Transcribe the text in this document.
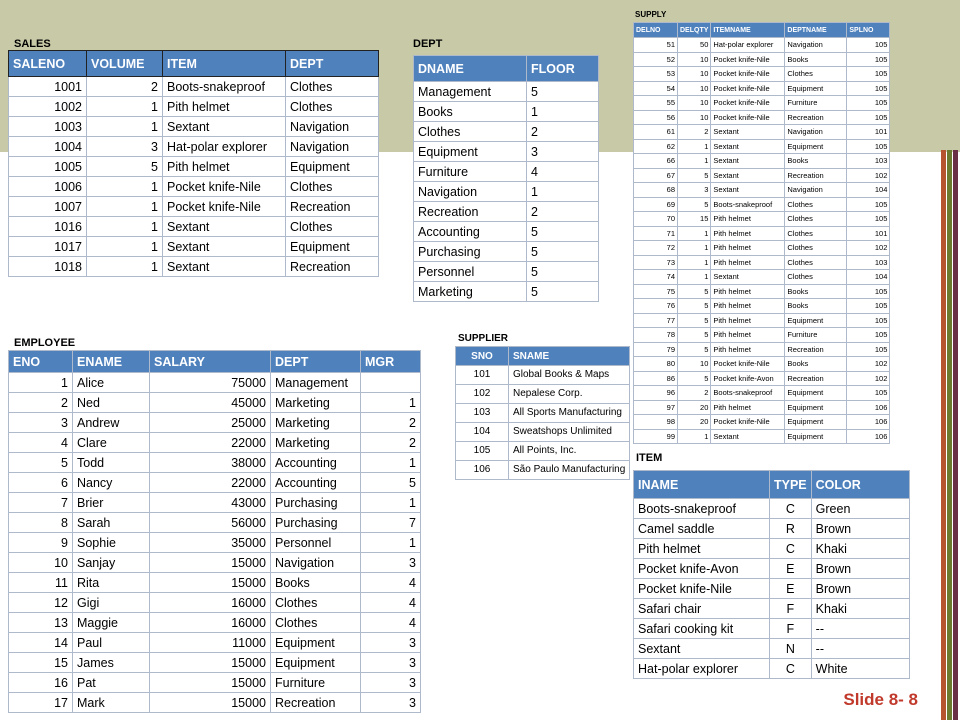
SALES
SALENO	VOLUME	ITEM	DEPT
1001	2	Boots-snakeproof	Clothes
1002	1	Pith helmet	Clothes
1003	1	Sextant	Navigation
1004	3	Hat-polar explorer	Navigation
1005	5	Pith helmet	Equipment
1006	1	Pocket knife-Nile	Clothes
1007	1	Pocket knife-Nile	Recreation
1016	1	Sextant	Clothes
1017	1	Sextant	Equipment
1018	1	Sextant	Recreation
DEPT
DNAME	FLOOR
Management	5
Books	1
Clothes	2
Equipment	3
Furniture	4
Navigation	1
Recreation	2
Accounting	5
Purchasing	5
Personnel	5
Marketing	5
EMPLOYEE
ENO	ENAME	SALARY	DEPT	MGR
1	Alice	75000	Management	
2	Ned	45000	Marketing	1
3	Andrew	25000	Marketing	2
4	Clare	22000	Marketing	2
5	Todd	38000	Accounting	1
6	Nancy	22000	Accounting	5
7	Brier	43000	Purchasing	1
8	Sarah	56000	Purchasing	7
9	Sophie	35000	Personnel	1
10	Sanjay	15000	Navigation	3
11	Rita	15000	Books	4
12	Gigi	16000	Clothes	4
13	Maggie	16000	Clothes	4
14	Paul	11000	Equipment	3
15	James	15000	Equipment	3
16	Pat	15000	Furniture	3
17	Mark	15000	Recreation	3
SUPPLIER
SNO	SNAME
101	Global Books & Maps
102	Nepalese Corp.
103	All Sports Manufacturing
104	Sweatshops Unlimited
105	All Points, Inc.
106	São Paulo Manufacturing
SUPPLY
DELNO	DELQTY	ITEMNAME	DEPTNAME	SPLNO
51	50	Hat-polar explorer	Navigation	105
52	10	Pocket knife-Nile	Books	105
53	10	Pocket knife-Nile	Clothes	105
54	10	Pocket knife-Nile	Equipment	105
55	10	Pocket knife-Nile	Furniture	105
56	10	Pocket knife-Nile	Recreation	105
61	2	Sextant	Navigation	101
62	1	Sextant	Equipment	105
66	1	Sextant	Books	103
67	5	Sextant	Recreation	102
68	3	Sextant	Navigation	104
69	5	Boots-snakeproof	Clothes	105
70	15	Pith helmet	Clothes	105
71	1	Pith helmet	Clothes	101
72	1	Pith helmet	Clothes	102
73	1	Pith helmet	Clothes	103
74	1	Sextant	Clothes	104
75	5	Pith helmet	Books	105
76	5	Pith helmet	Books	105
77	5	Pith helmet	Equipment	105
78	5	Pith helmet	Furniture	105
79	5	Pith helmet	Recreation	105
80	10	Pocket knife-Nile	Books	102
86	5	Pocket knife-Avon	Recreation	102
96	2	Boots-snakeproof	Equipment	105
97	20	Pith helmet	Equipment	106
98	20	Pocket knife-Nile	Equipment	106
99	1	Sextant	Equipment	106
ITEM
INAME	TYPE	COLOR
Boots-snakeproof	C	Green
Camel saddle	R	Brown
Pith helmet	C	Khaki
Pocket knife-Avon	E	Brown
Pocket knife-Nile	E	Brown
Safari chair	F	Khaki
Safari cooking kit	F	--
Sextant	N	--
Hat-polar explorer	C	White
Slide 8- 8
